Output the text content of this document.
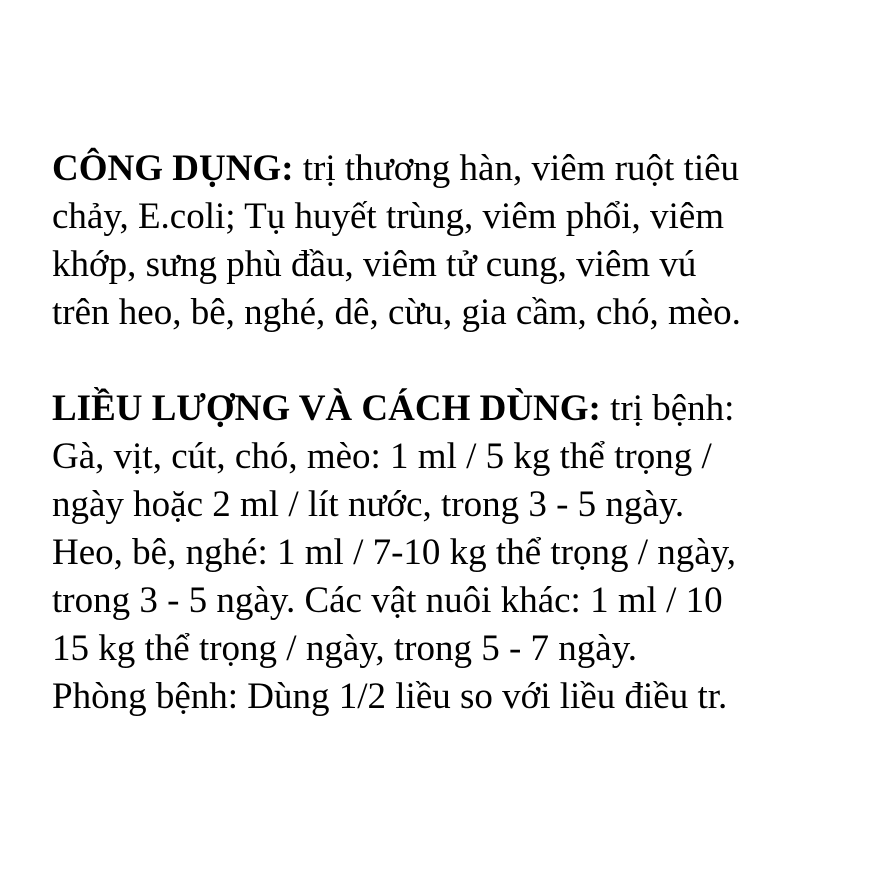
CÔNG DỤNG: trị thương hàn, viêm ruột tiêu
chảy, E.coli; Tụ huyết trùng, viêm phổi, viêm
khớp, sưng phù đầu, viêm tử cung, viêm vú
trên heo, bê, nghé, dê, cừu, gia cầm, chó, mèo.
LIỀU LƯỢNG VÀ CÁCH DÙNG: trị bệnh:
Gà, vịt, cút, chó, mèo: 1 ml / 5 kg thể trọng /
ngày hoặc 2 ml / lít nước, trong 3 - 5 ngày.
Heo, bê, nghé: 1 ml / 7-10 kg thể trọng / ngày,
trong 3 - 5 ngày. Các vật nuôi khác: 1 ml / 10
15 kg thể trọng / ngày, trong 5 - 7 ngày.
Phòng bệnh: Dùng 1/2 liều so với liều điều tr.
